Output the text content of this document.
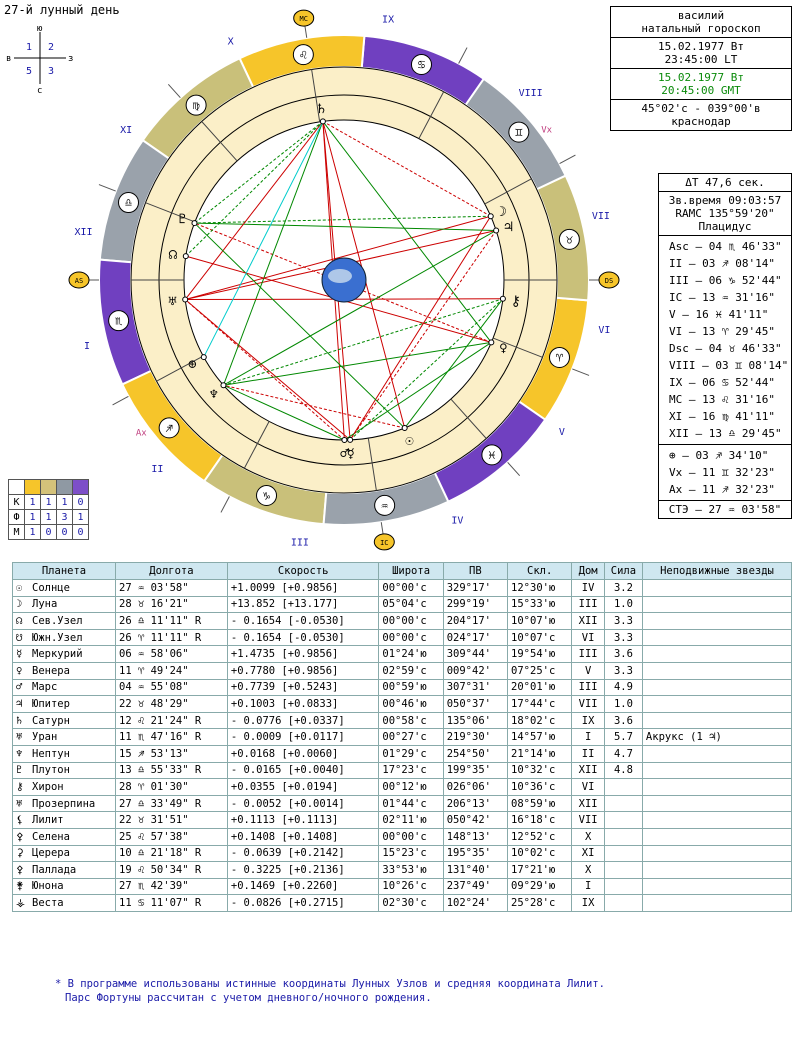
27-й лунный день
ю
с
в	з
1 2
3
5
василий
натальный гороскоп
15.02.1977 Вт
23:45:00 LT
15.02.1977 Вт
20:45:00 GMT
45°02'с - 039°00'в
краснодар
ΔT 47,6 сек.
Зв.время 09:03:57
RAMC 135°59'20"
Плацидус
Asc – 04 ♏ 46'33"
II – 03 ♐ 08'14"
III – 06 ♑ 52'44"
IC – 13 ♒ 31'16"
V – 16 ♓ 41'11"
VI – 13 ♈ 29'45"
Dsc – 04 ♉ 46'33"
VIII – 03 ♊ 08'14"
IX – 06 ♋ 52'44"
MC – 13 ♌ 31'16"
XI – 16 ♍ 41'11"
XII – 13 ♎ 29'45"
⊕ – 03 ♐ 34'10"
Vx – 11 ♊ 32'23"
Ax – 11 ♐ 32'23"
СТЭ – 27 ♒ 03'58"
♈
♉
♊
♋
♌
♍
♎
♏
♐
♑
♒
♓
I
II
III
IV
V
VI
VII
VIII
IX
X
XI
XII
AS	DS
MC
IC
☉
☽
☊
☿
♀
♂
♃
♄
♅
♆
♇
⚷
⊕
Vx
Ax

К	1	1	1	0
Ф	1	1	3	1
М	1	0	0	0
Планета		Долгота	Скорость	Широта	ПВ	Скл.	Дом	Сила	Неподвижные звезды
☉	Солнце	27 ♒ 03'58"	+1.0099 [+0.9856]	00°00'с	329°17'	12°30'ю	IV	3.2	
☽	Луна	28 ♉ 16'21"	+13.852 [+13.177]	05°04'с	299°19'	15°33'ю	III	1.0	
☊	Сев.Узел	26 ♎ 11'11" R	- 0.1654 [-0.0530]	00°00'с	204°17'	10°07'ю	XII	3.3	
☋	Южн.Узел	26 ♈ 11'11" R	- 0.1654 [-0.0530]	00°00'с	024°17'	10°07'с	VI	3.3	
☿	Меркурий	06 ♒ 58'06"	+1.4735 [+0.9856]	01°24'ю	309°44'	19°54'ю	III	3.6	
♀	Венера	11 ♈ 49'24"	+0.7780 [+0.9856]	02°59'с	009°42'	07°25'с	V	3.3	
♂	Марс	04 ♒ 55'08"	+0.7739 [+0.5243]	00°59'ю	307°31'	20°01'ю	III	4.9	
♃	Юпитер	22 ♉ 48'29"	+0.1003 [+0.0833]	00°46'ю	050°37'	17°44'с	VII	1.0	
♄	Сатурн	12 ♌ 21'24" R	- 0.0776 [+0.0337]	00°58'с	135°06'	18°02'с	IX	3.6	
♅	Уран	11 ♏ 47'16" R	- 0.0009 [+0.0117]	00°27'с	219°30'	14°57'ю	I	5.7	Акрукс (1 ♃)
♆	Нептун	15 ♐ 53'13"	+0.0168 [+0.0060]	01°29'с	254°50'	21°14'ю	II	4.7	
♇	Плутон	13 ♎ 55'33" R	- 0.0165 [+0.0040]	17°23'с	199°35'	10°32'с	XII	4.8	
⚷	Хирон	28 ♈ 01'30"	+0.0355 [+0.0194]	00°12'ю	026°06'	10°36'с	VI		
♅	Прозерпина	27 ♎ 33'49" R	- 0.0052 [+0.0014]	01°44'с	206°13'	08°59'ю	XII		
⚸	Лилит	22 ♉ 31'51"	+0.1113 [+0.1113]	02°11'ю	050°42'	16°18'с	VII		
⚴	Селена	25 ♌ 57'38"	+0.1408 [+0.1408]	00°00'с	148°13'	12°52'с	X		
⚳	Церера	10 ♎ 21'18" R	- 0.0639 [+0.2142]	15°23'с	195°35'	10°02'с	XI		
⚴	Паллада	19 ♌ 50'34" R	- 0.3225 [+0.2136]	33°53'ю	131°40'	17°21'ю	X		
⚵	Юнона	27 ♏ 42'39"	+0.1469 [+0.2260]	10°26'с	237°49'	09°29'ю	I		
⚶	Веста	11 ♋ 11'07" R	- 0.0826 [+0.2715]	02°30'с	102°24'	25°28'с	IX		
* В программе использованы истинные координаты Лунных Узлов и средняя координата Лилит.
Парс Фортуны рассчитан с учетом дневного/ночного рождения.
